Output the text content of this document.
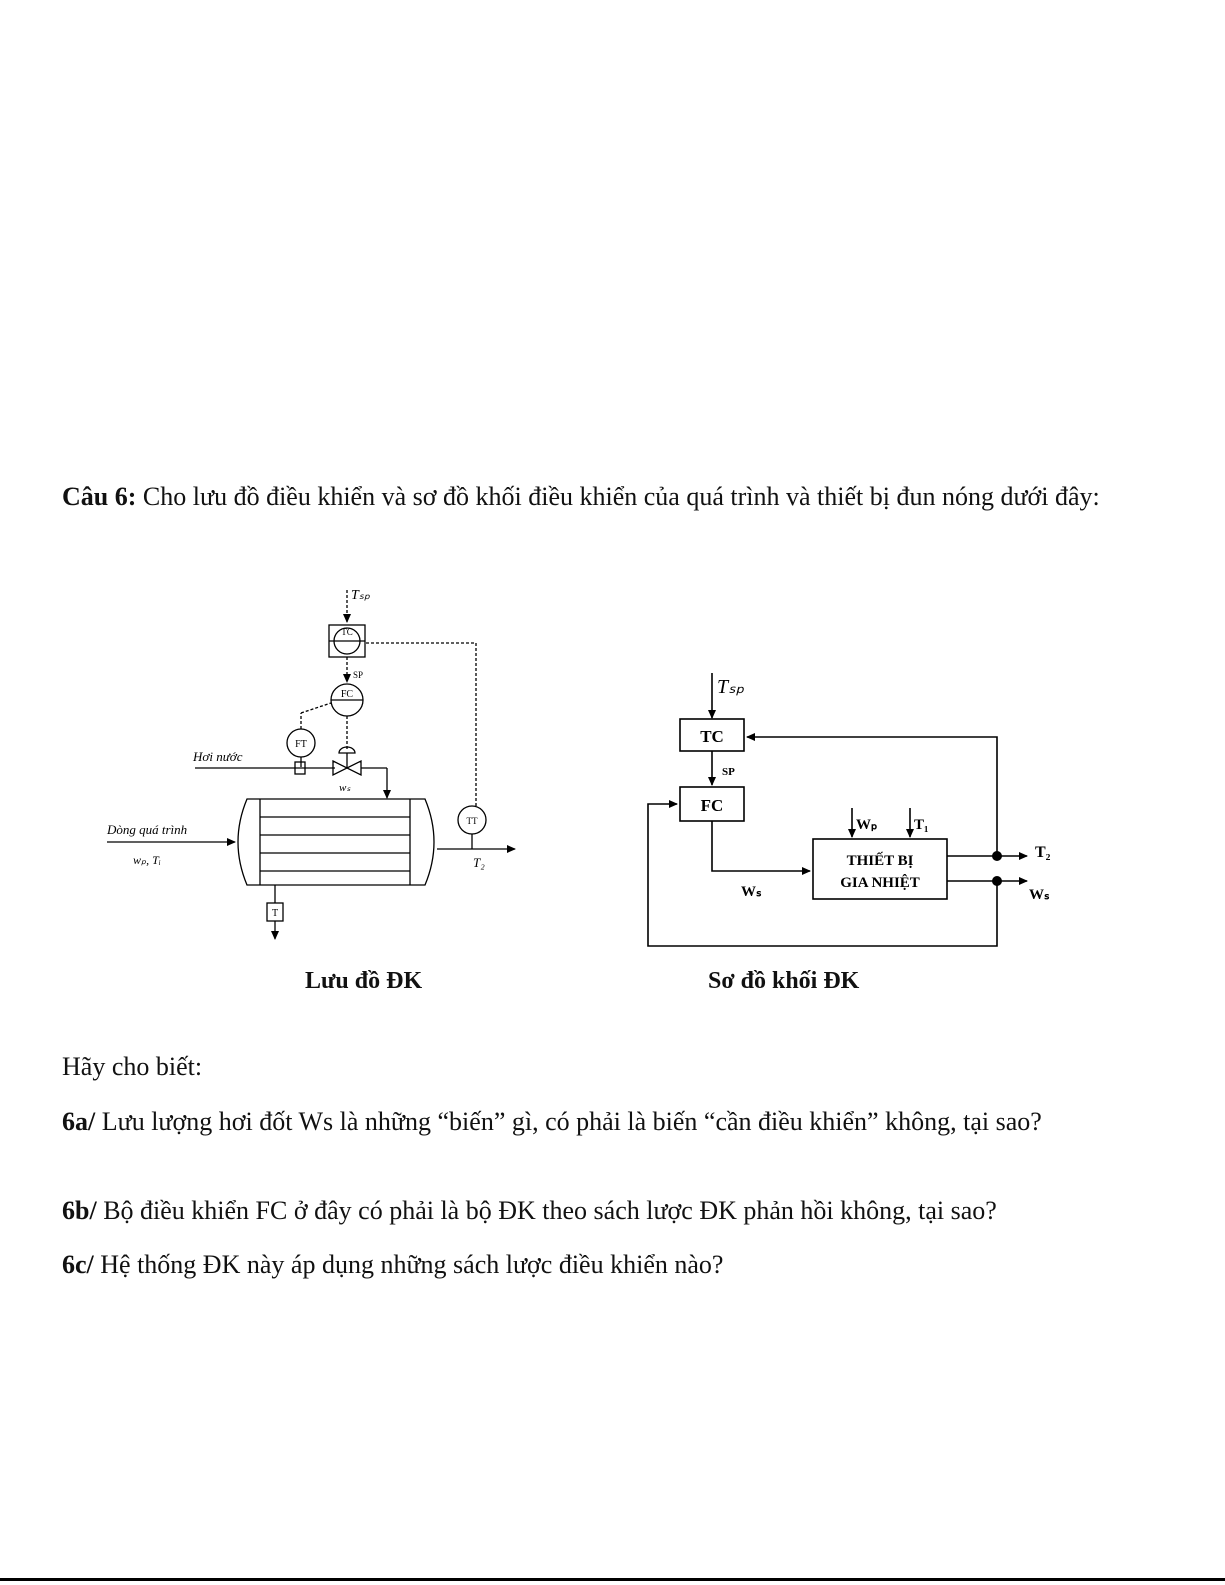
Câu 6: Cho lưu đồ điều khiển và sơ đồ khối điều khiển của quá trình và thiết bị đun nóng dưới đây:

Tₛₚ
TC
SP
FC
FT
Hơi nước
wₛ
Dòng quá trình
wₚ, Tᵢ
TT
T₂
T
Tₛₚ
TC
SP
FC
Wₚ T₁
THIẾT BỊ
GIA NHIỆT
Wₛ
T₂
Wₛ
Lưu đồ ĐK	Sơ đồ khối ĐK

Hãy cho biết:

6a/ Lưu lượng hơi đốt Ws là những “biến” gì, có phải là biến “cần điều khiển” không, tại sao?

6b/ Bộ điều khiển FC ở đây có phải là bộ ĐK theo sách lược ĐK phản hồi không, tại sao?

6c/ Hệ thống ĐK này áp dụng những sách lược điều khiển nào?
